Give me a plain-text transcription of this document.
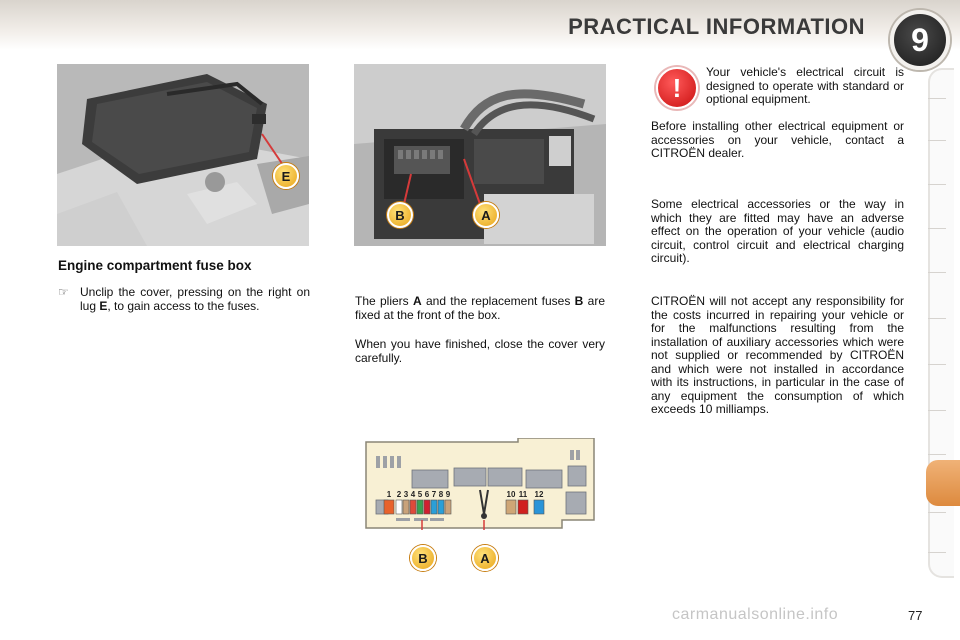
PRACTICAL INFORMATION	9
E
B	A
Engine compartment fuse box
☞ Unclip the cover, pressing on the right on lug E, to gain access to the fuses.	The pliers A and the replacement fuses B are fixed at the front of the box.
When you have finished, close the cover very carefully.
1 2 3 4 5 6 7 8 9	10 11 12
B	A
!
Your vehicle's electrical circuit is designed to operate with standard or optional equipment.
Before installing other electrical equipment or accessories on your vehicle, contact a CITROËN dealer.
Some electrical accessories or the way in which they are fitted may have an adverse effect on the operation of your vehicle (audio circuit, control circuit and electrical charging circuit).
CITROËN will not accept any responsibility for the costs incurred in repairing your vehicle or for the malfunctions resulting from the installation of auxiliary accessories which were not supplied or recommended by CITROËN and which were not installed in accordance with its instructions, in particular in the case of any equipment the consumption of which exceeds 10 milliamps.
carmanualsonline.info	77
